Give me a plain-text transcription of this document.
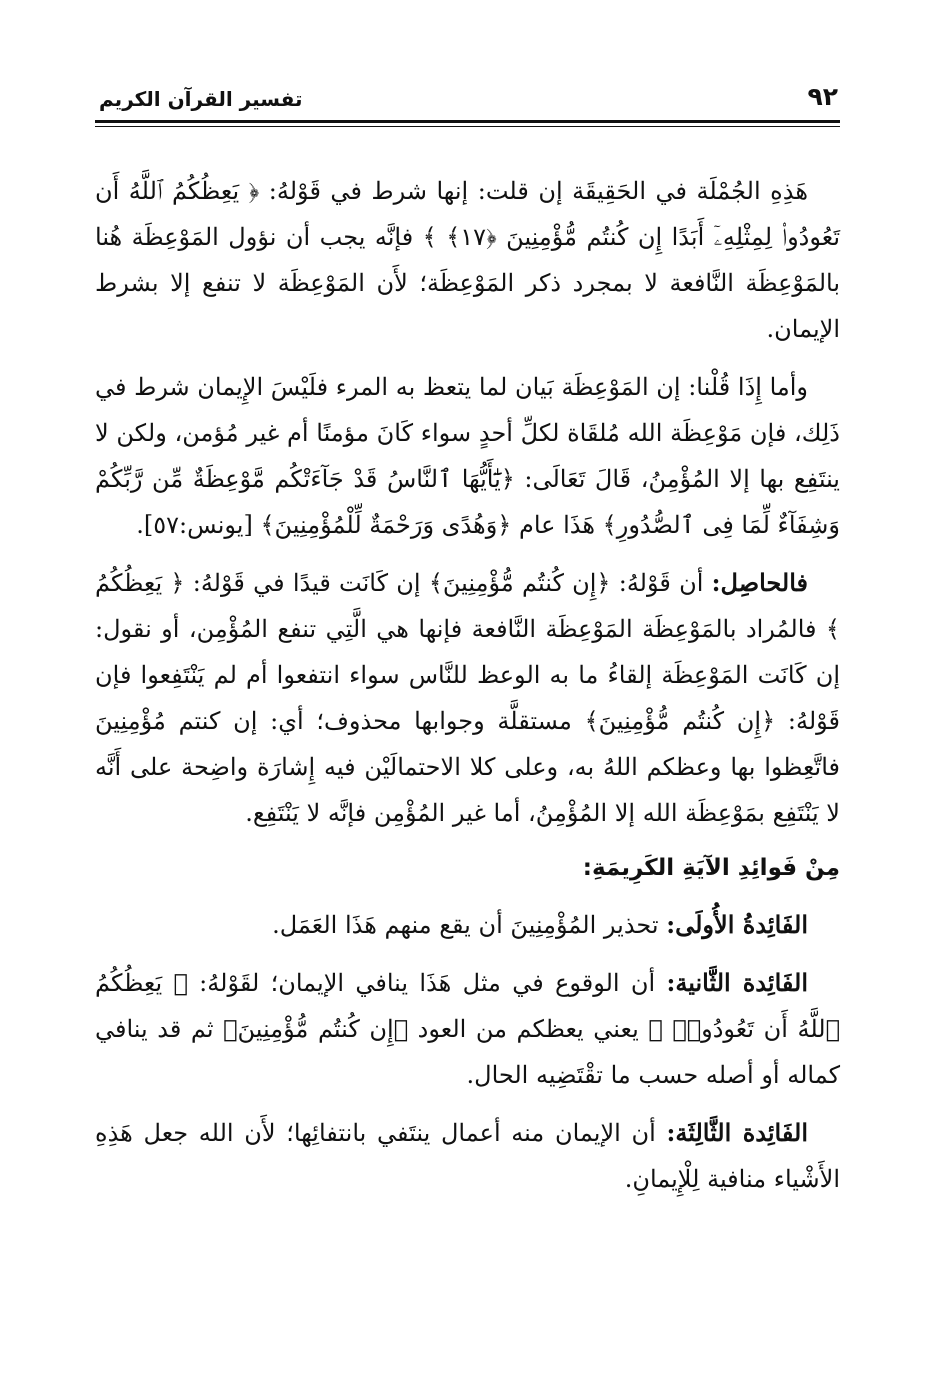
٩٢
تفسير القرآن الكريم

هَذِهِ الجُمْلَة في الحَقِيقَة إن قلت: إنها شرط في قَوْلهُ: ﴿ يَعِظُكُمُ ٱللَّهُ أَن تَعُودُوا۟ لِمِثْلِهِۦٓ أَبَدًا إِن كُنتُم مُّؤْمِنِينَ ﴿١٧﴾ ﴾ فإنَّه يجب أن نؤول المَوْعِظَة هُنا بالمَوْعِظَة النَّافعة لا بمجرد ذكر المَوْعِظَة؛ لأَن المَوْعِظَة لا تنفع إلا بشرط الإيمان.

وأما إِذَا قُلْنا: إن المَوْعِظَة بَيان لما يتعظ به المرء فلَيْسَ الإِيمان شرط في ذَلِك، فإن مَوْعِظَة الله مُلقَاة لكلِّ أحدٍ سواء كَانَ مؤمنًا أم غير مُؤمن، ولكن لا ينتَفِع بها إلا المُؤْمِنُ، قَالَ تَعَالَى: ﴿يَٰٓأَيُّهَا ٱلنَّاسُ قَدْ جَآءَتْكُم مَّوْعِظَةٌ مِّن رَّبِّكُمْ وَشِفَآءٌ لِّمَا فِى ٱلصُّدُورِ﴾ هَذَا عام ﴿وَهُدًى وَرَحْمَةٌ لِّلْمُؤْمِنِينَ﴾ [يونس:٥٧].

فالحاصِل: أن قَوْلهُ: ﴿إِن كُنتُم مُّؤْمِنِينَ﴾ إن كَانَت قيدًا في قَوْلهُ: ﴿ يَعِظُكُمُ ﴾ فالمُراد بالمَوْعِظَة المَوْعِظَة النَّافعة فإنها هي الَّتِي تنفع المُؤْمِن، أو نقول: إن كَانَت المَوْعِظَة إلقاءُ ما به الوعظ للنَّاس سواء انتفعوا أم لم يَنْتَفِعوا فإن قَوْلهُ: ﴿إِن كُنتُم مُّؤْمِنِينَ﴾ مستقلَّة وجوابها محذوف؛ أي: إن كنتم مُؤْمِنِينَ فاتَّعِظوا بها وعظكم اللهُ به، وعلى كلا الاحتمالَيْن فيه إِشارَة واضِحة على أَنَّه لا يَنْتَفِع بمَوْعِظَة الله إلا المُؤْمِنُ، أما غير المُؤْمِن فإنَّه لا يَنْتَفِع.

مِنْ فَوائِدِ الآيَةِ الكَرِيمَةِ:

الفَائِدةُ الأُولَى: تحذير المُؤْمِنِينَ أن يقع منهم هَذَا العَمَل.

الفَائِدة الثَّانية: أن الوقوع في مثل هَذَا ينافي الإيمان؛ لقَوْلهُ: ﴿ يَعِظُكُمُ ٱللَّهُ أَن تَعُودُوا۟ ﴾ يعني يعظكم من العود ﴿إِن كُنتُم مُّؤْمِنِينَ﴾ ثم قد ينافي كماله أو أصله حسب ما تقْتَضِيه الحال.

الفَائِدة الثَّالِثَة: أن الإيمان منه أعمال ينتَفي بانتفائِها؛ لأَن الله جعل هَذِهِ الأَشْياء منافية لِلْإِيمانِ.
